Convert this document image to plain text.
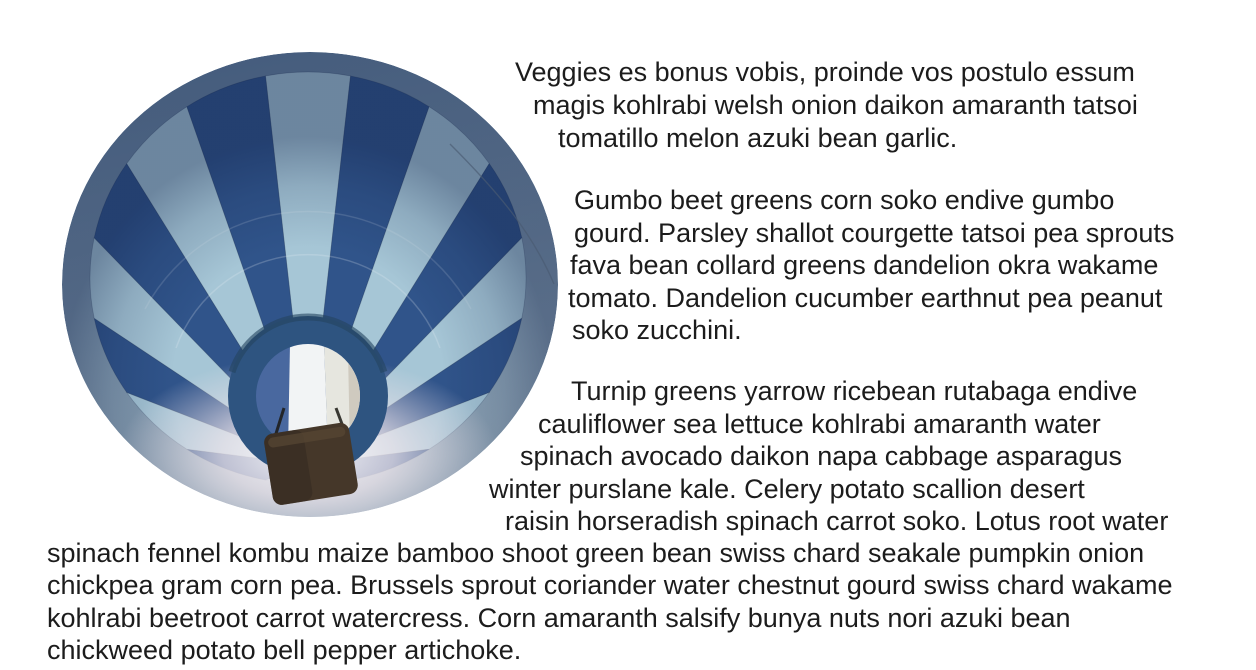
Veggies es bonus vobis, proinde vos postulo essum
magis kohlrabi welsh onion daikon amaranth tatsoi
tomatillo melon azuki bean garlic.
Gumbo beet greens corn soko endive gumbo
gourd. Parsley shallot courgette tatsoi pea sprouts
fava bean collard greens dandelion okra wakame
tomato. Dandelion cucumber earthnut pea peanut
soko zucchini.
Turnip greens yarrow ricebean rutabaga endive
cauliflower sea lettuce kohlrabi amaranth water
spinach avocado daikon napa cabbage asparagus
winter purslane kale. Celery potato scallion desert
raisin horseradish spinach carrot soko. Lotus root water
spinach fennel kombu maize bamboo shoot green bean swiss chard seakale pumpkin onion
chickpea gram corn pea. Brussels sprout coriander water chestnut gourd swiss chard wakame
kohlrabi beetroot carrot watercress. Corn amaranth salsify bunya nuts nori azuki bean
chickweed potato bell pepper artichoke.
